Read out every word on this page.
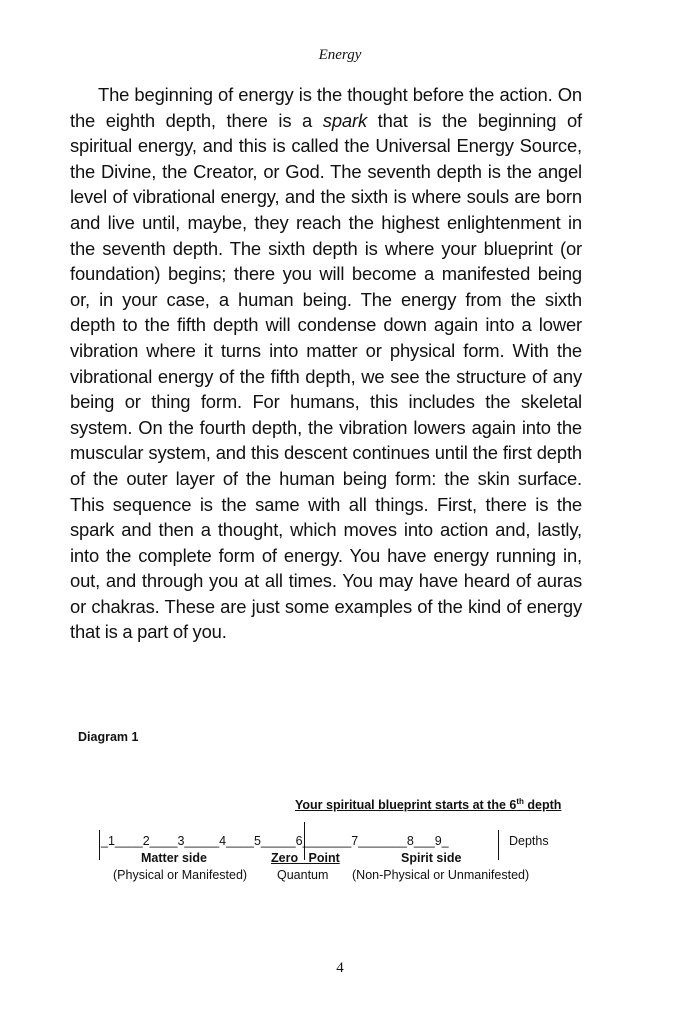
Energy

The beginning of energy is the thought before the action. On the eighth depth, there is a spark that is the beginning of spiritual energy, and this is called the Universal Energy Source, the Divine, the Creator, or God. The seventh depth is the angel level of vibrational energy, and the sixth is where souls are born and live until, maybe, they reach the highest enlightenment in the seventh depth. The sixth depth is where your blueprint (or foundation) begins; there you will become a manifested being or, in your case, a human being. The energy from the sixth depth to the fifth depth will condense down again into a lower vibration where it turns into matter or physical form. With the vibrational energy of the fifth depth, we see the structure of any being or thing form. For humans, this includes the skeletal system. On the fourth depth, the vibration lowers again into the muscular system, and this descent continues until the first depth of the outer layer of the human being form: the skin surface. This sequence is the same with all things. First, there is the spark and then a thought, which moves into action and, lastly, into the complete form of energy. You have energy running in, out, and through you at all times. You may have heard of auras or chakras. These are just some examples of the kind of energy that is a part of you.

Diagram 1

Your spiritual blueprint starts at the 6th depth
_1____2____3_____4____5_____6_______7_______8___9_	Depths
Matter side	Zero   Point	Spirit side
(Physical or Manifested) Quantum (Non-Physical or Unmanifested)
4
